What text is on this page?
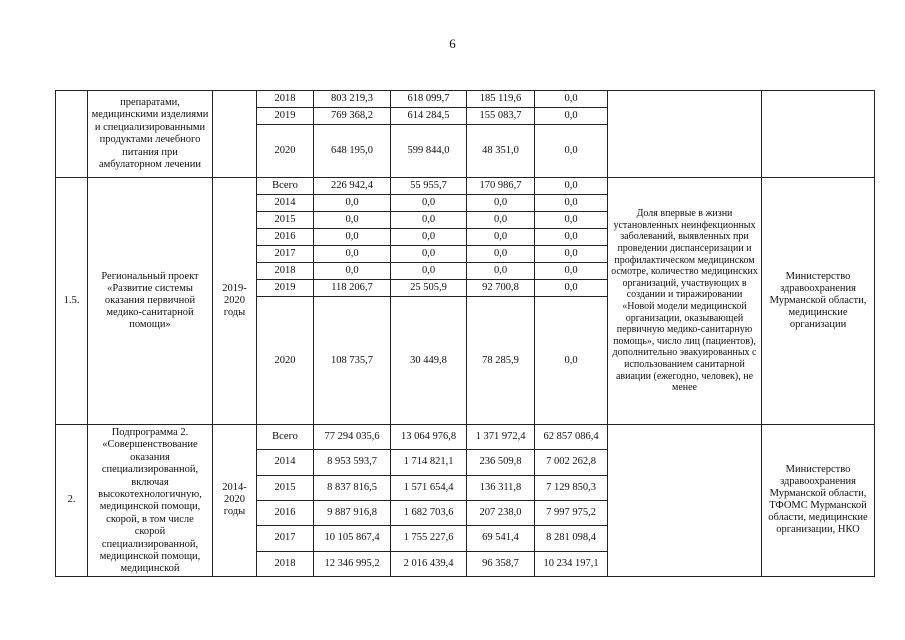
6
	препаратами, медицинскими изделиями и специализированными продуктами лечебного питания при амбулаторном лечении		2018	803 219,3	618 099,7	185 119,6	0,0		
			2019	769 368,2	614 284,5	155 083,7	0,0		
			2020	648 195,0	599 844,0	48 351,0	0,0		
1.5.	Региональный проект «Развитие системы оказания первичной медико-санитарной помощи»	2019-2020 годы	Всего	226 942,4	55 955,7	170 986,7	0,0	Доля впервые в жизни установленных неинфекционных заболеваний, выявленных при проведении диспансеризации и профилактическом медицинском осмотре, количество медицинских организаций, участвующих в создании и тиражировании «Новой модели медицинской организации, оказывающей первичную медико-санитарную помощь», число лиц (пациентов), дополнительно эвакуированных с использованием санитарной авиации (ежегодно, человек), не менее	Министерство здравоохранения Мурманской области, медицинские организации
			2014	0,0	0,0	0,0	0,0		
			2015	0,0	0,0	0,0	0,0		
			2016	0,0	0,0	0,0	0,0		
			2017	0,0	0,0	0,0	0,0		
			2018	0,0	0,0	0,0	0,0		
			2019	118 206,7	25 505,9	92 700,8	0,0		
			2020	108 735,7	30 449,8	78 285,9	0,0		
2.	Подпрограмма 2. «Совершенствование оказания специализированной, включая высокотехнологичную, медицинской помощи, скорой, в том числе скорой специализированной, медицинской помощи, медицинской	2014-2020 годы	Всего	77 294 035,6	13 064 976,8	1 371 972,4	62 857 086,4		Министерство здравоохранения Мурманской области, ТФОМС Мурманской области, медицинские организации, НКО
			2014	8 953 593,7	1 714 821,1	236 509,8	7 002 262,8		
			2015	8 837 816,5	1 571 654,4	136 311,8	7 129 850,3		
			2016	9 887 916,8	1 682 703,6	207 238,0	7 997 975,2		
			2017	10 105 867,4	1 755 227,6	69 541,4	8 281 098,4		
			2018	12 346 995,2	2 016 439,4	96 358,7	10 234 197,1		
